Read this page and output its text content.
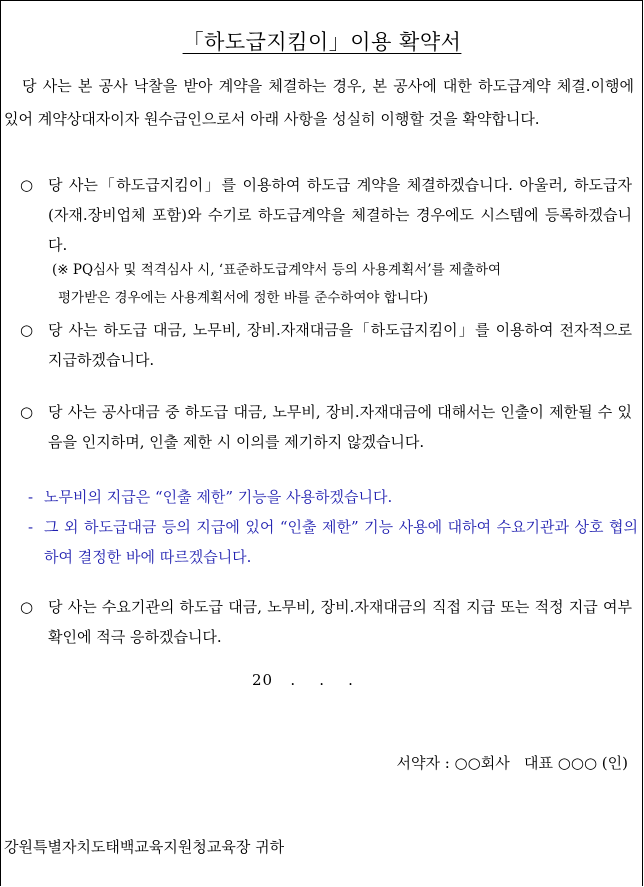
「하도급지킴이」이용 확약서

당 사는 본 공사 낙찰을 받아 계약을 체결하는 경우, 본 공사에 대한 하도급계약 체결.이행에 있어 계약상대자이자 원수급인으로서 아래 사항을 성실히 이행할 것을 확약합니다.

○ 당 사는「하도급지킴이」를 이용하여 하도급 계약을 체결하겠습니다. 아울러, 하도급자(자재.장비업체 포함)와 수기로 하도급계약을 체결하는 경우에도 시스템에 등록하겠습니다.
(※ PQ심사 및 적격심사 시, ‘표준하도급계약서 등의 사용계획서’를 제출하여
평가받은 경우에는 사용계획서에 정한 바를 준수하여야 합니다)
○ 당 사는 하도급 대금, 노무비, 장비.자재대금을「하도급지킴이」를 이용하여 전자적으로 지급하겠습니다.
○ 당 사는 공사대금 중 하도급 대금, 노무비, 장비.자재대금에 대해서는 인출이 제한될 수 있음을 인지하며, 인출 제한 시 이의를 제기하지 않겠습니다.
- 노무비의 지급은 “인출 제한” 기능을 사용하겠습니다.
- 그 외 하도급대금 등의 지급에 있어 “인출 제한” 기능 사용에 대하여 수요기관과 상호 협의하여 결정한 바에 따르겠습니다.
○ 당 사는 수요기관의 하도급 대금, 노무비, 장비.자재대금의 직접 지급 또는 적정 지급 여부 확인에 적극 응하겠습니다.
20   .    .    .
서약자 : ○○회사   대표 ○○○ (인)
강원특별자치도태백교육지원청교육장 귀하
